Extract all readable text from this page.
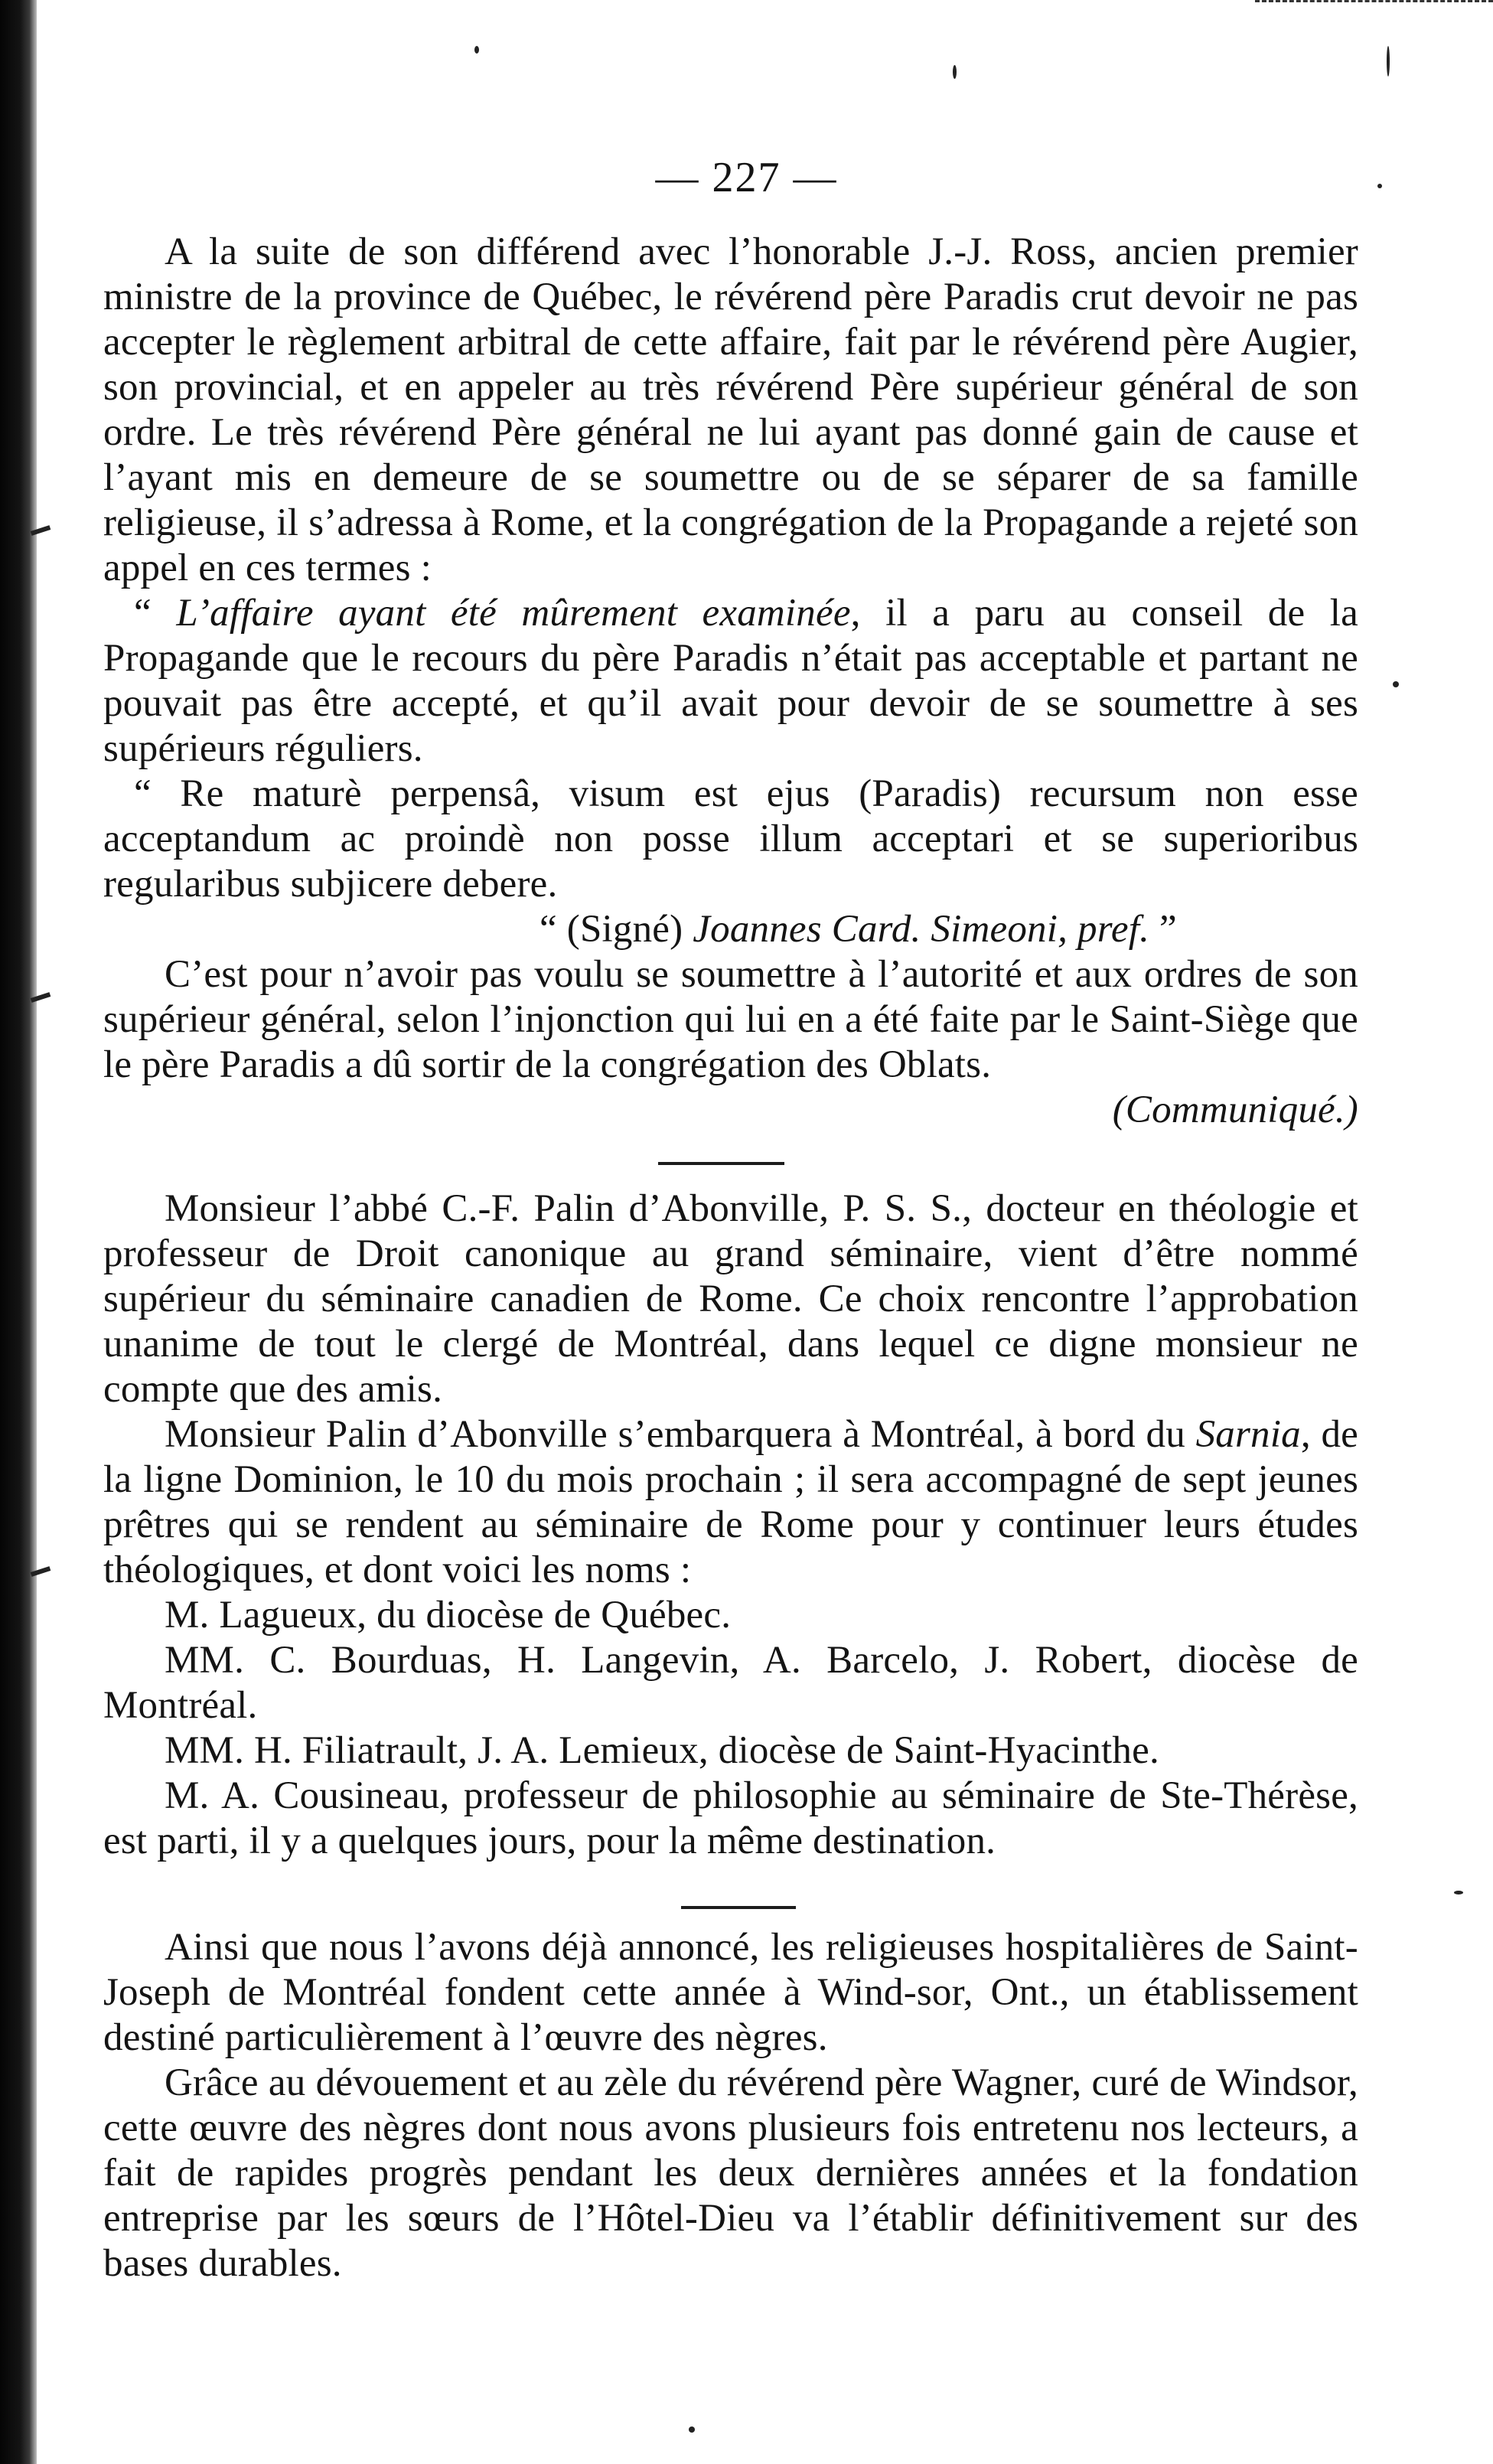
— 227 —

A la suite de son différend avec l’honorable J.-J. Ross, ancien premier ministre de la province de Québec, le révérend père Paradis crut devoir ne pas accepter le règlement arbitral de cette affaire, fait par le révérend père Augier, son provincial, et en appeler au très révérend Père supérieur général de son ordre. Le très révérend Père général ne lui ayant pas donné gain de cause et l’ayant mis en demeure de se soumettre ou de se séparer de sa famille religieuse, il s’adressa à Rome, et la congrégation de la Propagande a rejeté son appel en ces termes :

“ L’affaire ayant été mûrement examinée, il a paru au conseil de la Propagande que le recours du père Paradis n’était pas acceptable et partant ne pouvait pas être accepté, et qu’il avait pour devoir de se soumettre à ses supérieurs réguliers.

“ Re maturè perpensâ, visum est ejus (Paradis) recursum non esse acceptandum ac proindè non posse illum acceptari et se superioribus regularibus subjicere debere.

“ (Signé) Joannes Card. Simeoni, pref. ”

C’est pour n’avoir pas voulu se soumettre à l’autorité et aux ordres de son supérieur général, selon l’injonction qui lui en a été faite par le Saint-Siège que le père Paradis a dû sortir de la congrégation des Oblats.

(Communiqué.)

Monsieur l’abbé C.-F. Palin d’Abonville, P. S. S., docteur en théologie et professeur de Droit canonique au grand séminaire, vient d’être nommé supérieur du séminaire canadien de Rome. Ce choix rencontre l’approbation unanime de tout le clergé de Montréal, dans lequel ce digne monsieur ne compte que des amis.

Monsieur Palin d’Abonville s’embarquera à Montréal, à bord du Sarnia, de la ligne Dominion, le 10 du mois prochain ; il sera accompagné de sept jeunes prêtres qui se rendent au séminaire de Rome pour y continuer leurs études théologiques, et dont voici les noms :

M. Lagueux, du diocèse de Québec.

MM. C. Bourduas, H. Langevin, A. Barcelo, J. Robert, diocèse de Montréal.

MM. H. Filiatrault, J. A. Lemieux, diocèse de Saint-Hyacinthe.

M. A. Cousineau, professeur de philosophie au séminaire de Ste-Thérèse, est parti, il y a quelques jours, pour la même destination.

Ainsi que nous l’avons déjà annoncé, les religieuses hospitalières de Saint-Joseph de Montréal fondent cette année à Wind-sor, Ont., un établissement destiné particulièrement à l’œuvre des nègres.

Grâce au dévouement et au zèle du révérend père Wagner, curé de Windsor, cette œuvre des nègres dont nous avons plusieurs fois entretenu nos lecteurs, a fait de rapides progrès pendant les deux dernières années et la fondation entreprise par les sœurs de l’Hôtel-Dieu va l’établir définitivement sur des bases durables.
